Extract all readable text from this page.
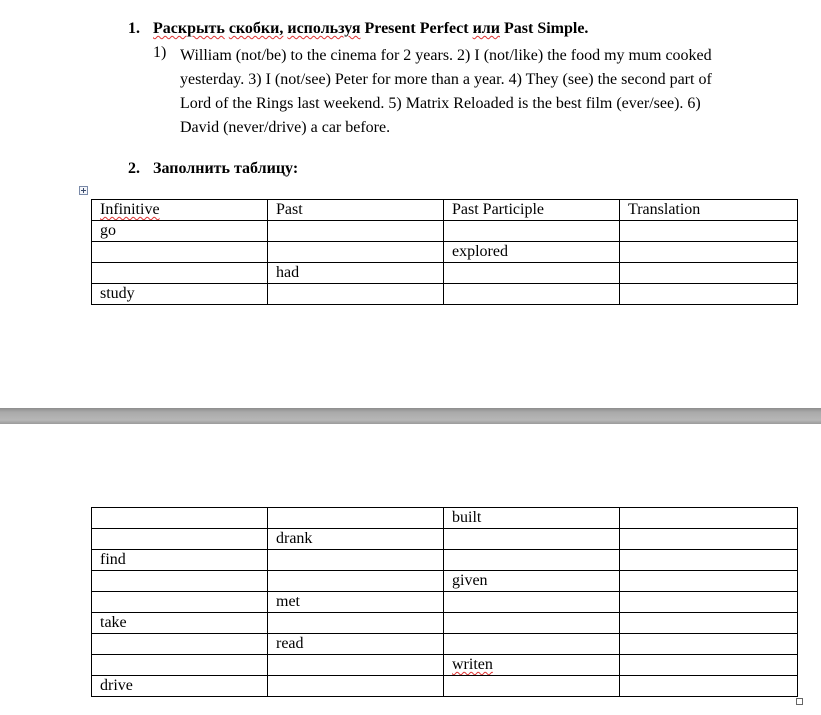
1. Раскрыть скобки, используя Present Perfect или Past Simple.
1) William (not/be) to the cinema for 2 years. 2) I (not/like) the food my mum cooked
yesterday. 3) I (not/see) Peter for more than a year. 4) They (see) the second part of
Lord of the Rings last weekend. 5) Matrix Reloaded is the best film (ever/see). 6)
David (never/drive) a car before.
2. Заполнить таблицу:
Infinitive	Past	Past Participle	Translation
go			
		explored	
	had		
study			
		built	
	drank		
find			
		given	
	met		
take			
	read		
		writen	
drive			
